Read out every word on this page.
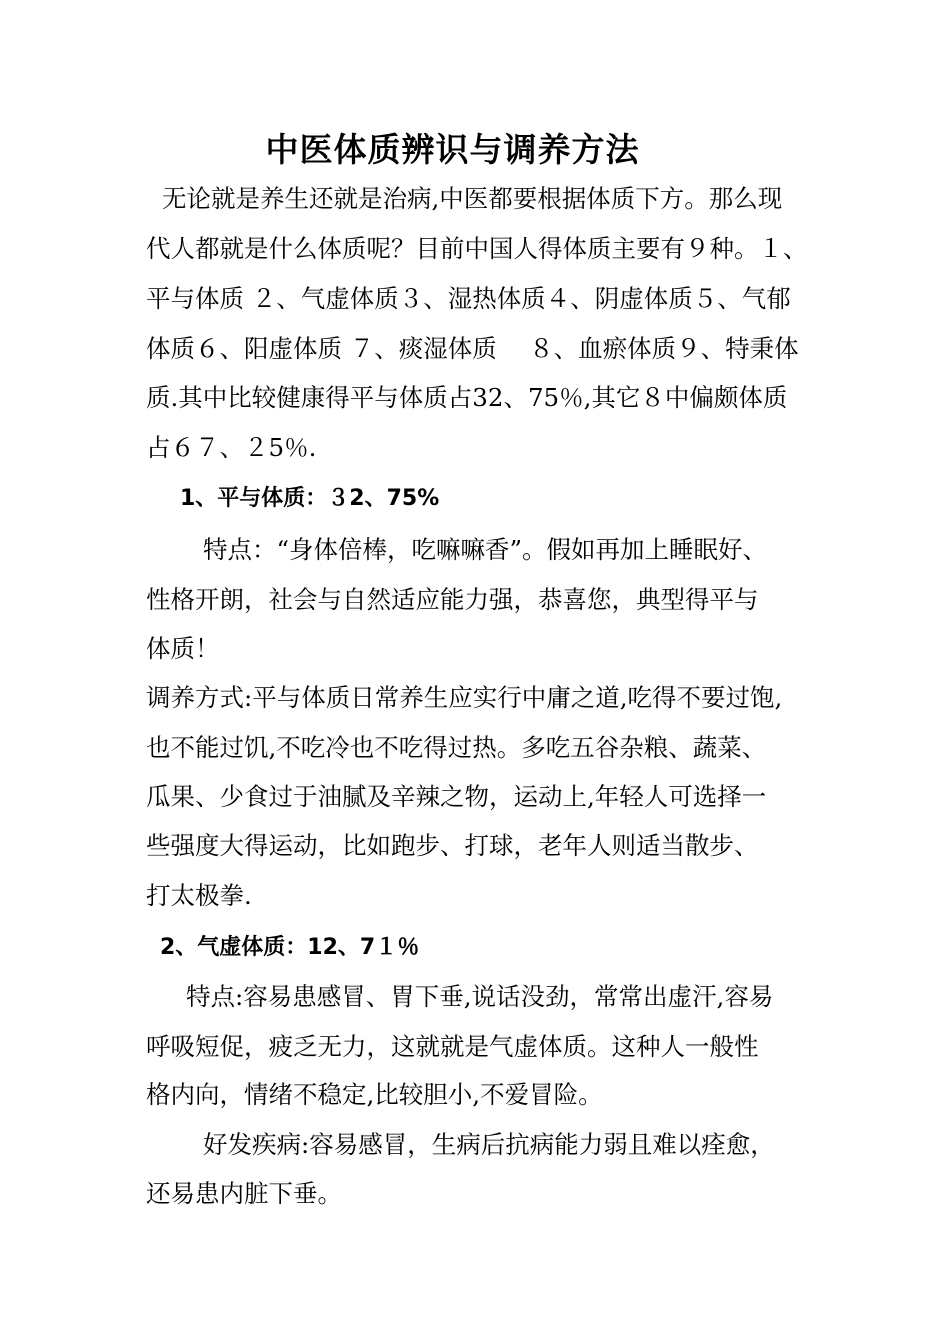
中医体质辨识与调养方法
无论就是养生还就是治病,中医都要根据体质下方。那么现
代人都就是什么体质呢？目前中国人得体质主要有９种。１、
平与体质 ２、气虚体质３、湿热体质４、阴虚体质５、气郁
体质６、阳虚体质 ７、痰湿体质　 ８、血瘀体质９、特秉体
质.其中比较健康得平与体质占32、75％,其它８中偏颇体质
占６７、２5％.
1、平与体质：３2、75%
特点：“身体倍棒，吃嘛嘛香”。假如再加上睡眠好、
性格开朗，社会与自然适应能力强，恭喜您，典型得平与
体质！
调养方式:平与体质日常养生应实行中庸之道,吃得不要过饱,
也不能过饥,不吃冷也不吃得过热。多吃五谷杂粮、蔬菜、
瓜果、少食过于油腻及辛辣之物，运动上,年轻人可选择一
些强度大得运动，比如跑步、打球，老年人则适当散步、
打太极拳.
2、气虚体质：12、7１％
特点:容易患感冒、胃下垂,说话没劲，常常出虚汗,容易
呼吸短促，疲乏无力，这就就是气虚体质。这种人一般性
格内向，情绪不稳定,比较胆小,不爱冒险。
好发疾病:容易感冒，生病后抗病能力弱且难以痊愈，
还易患内脏下垂。
